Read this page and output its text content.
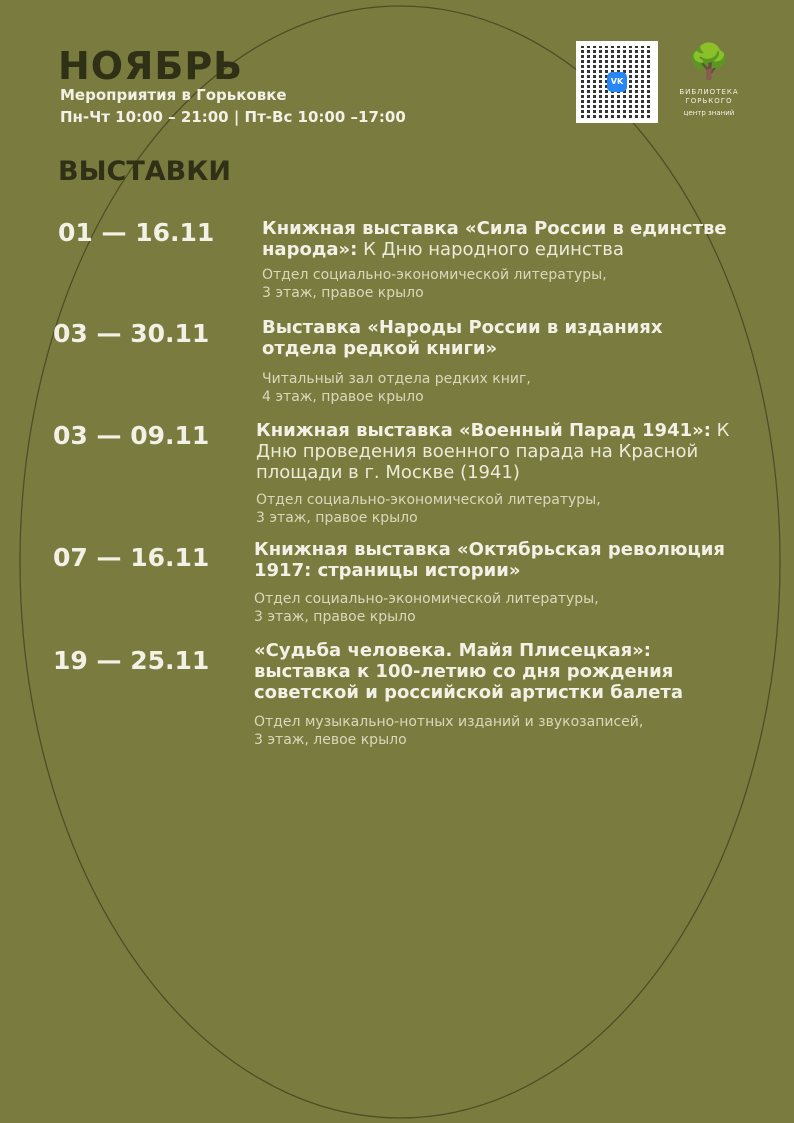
НОЯБРЬ
Мероприятия в Горьковке
Пн-Чт 10:00 – 21:00 | Пт-Вс 10:00 –17:00
VK	🌳
БИБЛИОТЕКА
ГОРЬКОГО
центр знаний
ВЫСТАВКИ
01 — 16.11	Книжная выставка «Сила России в единстве народа»: К Дню народного единства
Отдел социально-экономической литературы,
3 этаж, правое крыло
03 — 30.11	Выставка «Народы России в изданиях отдела редкой книги»
Читальный зал отдела редких книг,
4 этаж, правое крыло
03 — 09.11	Книжная выставка «Военный Парад 1941»: К Дню проведения военного парада на Красной площади в г. Москве (1941)
Отдел социально-экономической литературы,
3 этаж, правое крыло
07 — 16.11 Книжная выставка «Октябрьская революция 1917: страницы истории»
Отдел социально-экономической литературы,
3 этаж, правое крыло
19 — 25.11 «Судьба человека. Майя Плисецкая»: выставка к 100-летию со дня рождения советской и российской артистки балета
Отдел музыкально-нотных изданий и звукозаписей,
3 этаж, левое крыло
